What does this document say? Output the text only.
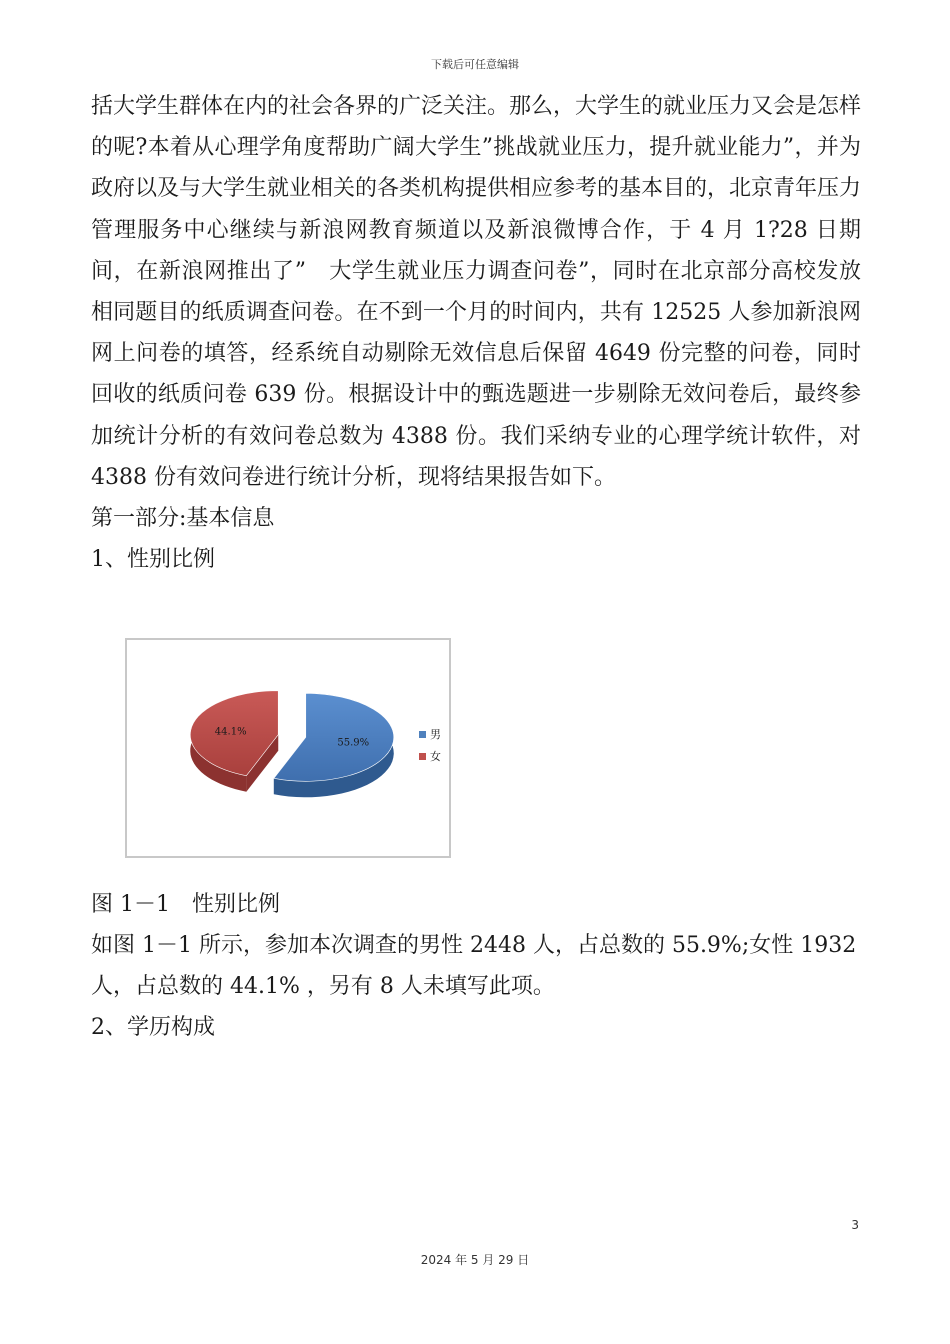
下载后可任意编辑

括大学生群体在内的社会各界的广泛关注。那么，大学生的就业压力又会是怎样的呢?本着从心理学角度帮助广阔大学生”挑战就业压力，提升就业能力”，并为政府以及与大学生就业相关的各类机构提供相应参考的基本目的，北京青年压力管理服务中心继续与新浪网教育频道以及新浪微博合作，于 4 月 1?28 日期间，在新浪网推出了”　大学生就业压力调查问卷”，同时在北京部分高校发放相同题目的纸质调查问卷。在不到一个月的时间内，共有 12525 人参加新浪网网上问卷的填答，经系统自动剔除无效信息后保留 4649 份完整的问卷，同时回收的纸质问卷 639 份。根据设计中的甄选题进一步剔除无效问卷后，最终参加统计分析的有效问卷总数为 4388 份。我们采纳专业的心理学统计软件，对 4388 份有效问卷进行统计分析，现将结果报告如下。

第一部分:基本信息

1、性别比例

55.9%
44.1%	男
女
图 1－1　性别比例
如图 1－1 所示，参加本次调查的男性 2448 人，占总数的 55.9%;女性 1932 人，占总数的 44.1% ，另有 8 人未填写此项。
2、学历构成
3
2024 年 5 月 29 日
